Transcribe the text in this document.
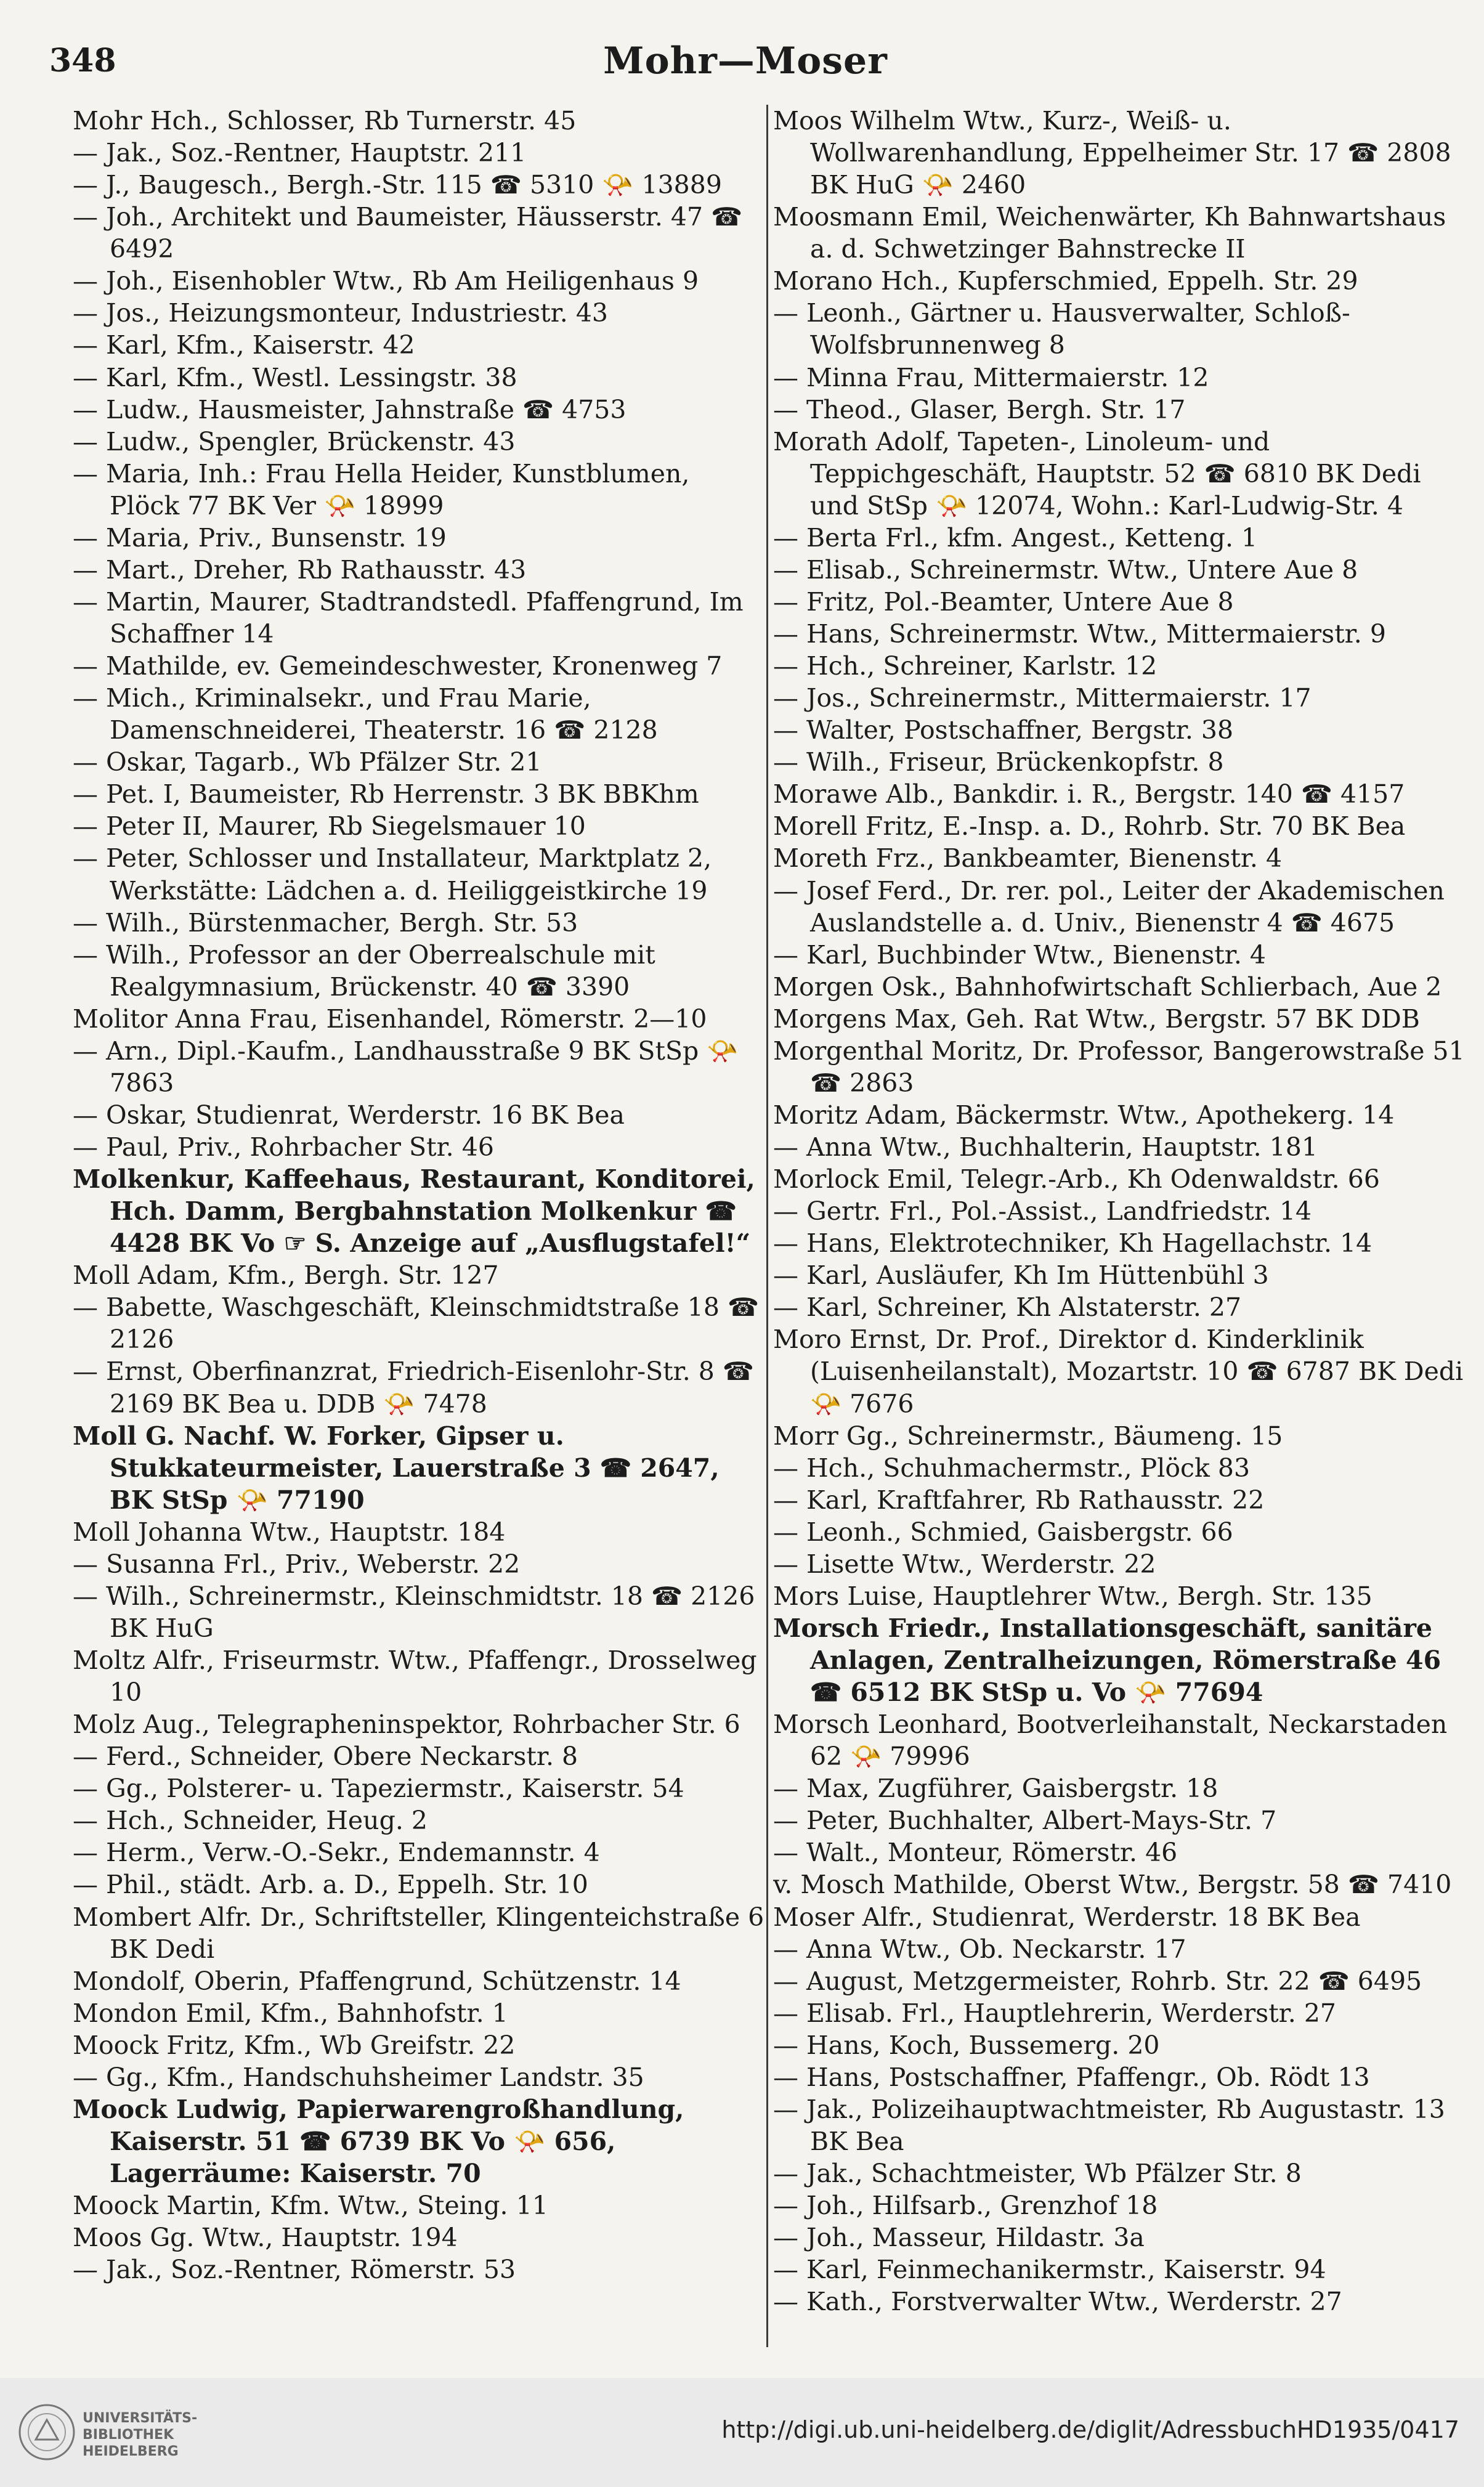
348	Mohr—Moser
Mohr Hch., Schlosser, Rb Turnerstr. 45
— Jak., Soz.-Rentner, Hauptstr. 211
— J., Baugesch., Bergh.-Str. 115 ☎ 5310 📯 13889
— Joh., Architekt und Baumeister, Häusserstr. 47 ☎ 6492
— Joh., Eisenhobler Wtw., Rb Am Heiligenhaus 9
— Jos., Heizungsmonteur, Industriestr. 43
— Karl, Kfm., Kaiserstr. 42
— Karl, Kfm., Westl. Lessingstr. 38
— Ludw., Hausmeister, Jahnstraße ☎ 4753
— Ludw., Spengler, Brückenstr. 43
— Maria, Inh.: Frau Hella Heider, Kunstblumen, Plöck 77 BK Ver 📯 18999
— Maria, Priv., Bunsenstr. 19
— Mart., Dreher, Rb Rathausstr. 43
— Martin, Maurer, Stadtrandstedl. Pfaffengrund, Im Schaffner 14
— Mathilde, ev. Gemeindeschwester, Kronenweg 7
— Mich., Kriminalsekr., und Frau Marie, Damenschneiderei, Theaterstr. 16 ☎ 2128
— Oskar, Tagarb., Wb Pfälzer Str. 21
— Pet. I, Baumeister, Rb Herrenstr. 3 BK BBKhm
— Peter II, Maurer, Rb Siegelsmauer 10
— Peter, Schlosser und Installateur, Marktplatz 2, Werkstätte: Lädchen a. d. Heiliggeistkirche 19
— Wilh., Bürstenmacher, Bergh. Str. 53
— Wilh., Professor an der Oberrealschule mit Realgymnasium, Brückenstr. 40 ☎ 3390
Molitor Anna Frau, Eisenhandel, Römerstr. 2—10
— Arn., Dipl.-Kaufm., Landhausstraße 9 BK StSp 📯 7863
— Oskar, Studienrat, Werderstr. 16 BK Bea
— Paul, Priv., Rohrbacher Str. 46
Molkenkur, Kaffeehaus, Restaurant, Konditorei, Hch. Damm, Bergbahnstation Molkenkur ☎ 4428 BK Vo ☞ S. Anzeige auf „Ausflugstafel!“
Moll Adam, Kfm., Bergh. Str. 127
— Babette, Waschgeschäft, Kleinschmidtstraße 18 ☎ 2126
— Ernst, Oberfinanzrat, Friedrich-Eisenlohr-Str. 8 ☎ 2169 BK Bea u. DDB 📯 7478
Moll G. Nachf. W. Forker, Gipser u. Stukkateurmeister, Lauerstraße 3 ☎ 2647, BK StSp 📯 77190
Moll Johanna Wtw., Hauptstr. 184
— Susanna Frl., Priv., Weberstr. 22
— Wilh., Schreinermstr., Kleinschmidtstr. 18 ☎ 2126 BK HuG
Moltz Alfr., Friseurmstr. Wtw., Pfaffengr., Drosselweg 10
Molz Aug., Telegrapheninspektor, Rohrbacher Str. 6
— Ferd., Schneider, Obere Neckarstr. 8
— Gg., Polsterer- u. Tapeziermstr., Kaiserstr. 54
— Hch., Schneider, Heug. 2
— Herm., Verw.-O.-Sekr., Endemannstr. 4
— Phil., städt. Arb. a. D., Eppelh. Str. 10
Mombert Alfr. Dr., Schriftsteller, Klingenteichstraße 6 BK Dedi
Mondolf, Oberin, Pfaffengrund, Schützenstr. 14
Mondon Emil, Kfm., Bahnhofstr. 1
Moock Fritz, Kfm., Wb Greifstr. 22
— Gg., Kfm., Handschuhsheimer Landstr. 35
Moock Ludwig, Papierwarengroßhandlung, Kaiserstr. 51 ☎ 6739 BK Vo 📯 656, Lagerräume: Kaiserstr. 70
Moock Martin, Kfm. Wtw., Steing. 11
Moos Gg. Wtw., Hauptstr. 194
— Jak., Soz.-Rentner, Römerstr. 53
Moos Wilhelm Wtw., Kurz-, Weiß- u. Wollwarenhandlung, Eppelheimer Str. 17 ☎ 2808 BK HuG 📯 2460
Moosmann Emil, Weichenwärter, Kh Bahnwartshaus a. d. Schwetzinger Bahnstrecke II
Morano Hch., Kupferschmied, Eppelh. Str. 29
— Leonh., Gärtner u. Hausverwalter, Schloß-Wolfsbrunnenweg 8
— Minna Frau, Mittermaierstr. 12
— Theod., Glaser, Bergh. Str. 17
Morath Adolf, Tapeten-, Linoleum- und Teppichgeschäft, Hauptstr. 52 ☎ 6810 BK Dedi und StSp 📯 12074, Wohn.: Karl-Ludwig-Str. 4
— Berta Frl., kfm. Angest., Ketteng. 1
— Elisab., Schreinermstr. Wtw., Untere Aue 8
— Fritz, Pol.-Beamter, Untere Aue 8
— Hans, Schreinermstr. Wtw., Mittermaierstr. 9
— Hch., Schreiner, Karlstr. 12
— Jos., Schreinermstr., Mittermaierstr. 17
— Walter, Postschaffner, Bergstr. 38
— Wilh., Friseur, Brückenkopfstr. 8
Morawe Alb., Bankdir. i. R., Bergstr. 140 ☎ 4157
Morell Fritz, E.-Insp. a. D., Rohrb. Str. 70 BK Bea
Moreth Frz., Bankbeamter, Bienenstr. 4
— Josef Ferd., Dr. rer. pol., Leiter der Akademischen Auslandstelle a. d. Univ., Bienenstr 4 ☎ 4675
— Karl, Buchbinder Wtw., Bienenstr. 4
Morgen Osk., Bahnhofwirtschaft Schlierbach, Aue 2
Morgens Max, Geh. Rat Wtw., Bergstr. 57 BK DDB
Morgenthal Moritz, Dr. Professor, Bangerowstraße 51 ☎ 2863
Moritz Adam, Bäckermstr. Wtw., Apothekerg. 14
— Anna Wtw., Buchhalterin, Hauptstr. 181
Morlock Emil, Telegr.-Arb., Kh Odenwaldstr. 66
— Gertr. Frl., Pol.-Assist., Landfriedstr. 14
— Hans, Elektrotechniker, Kh Hagellachstr. 14
— Karl, Ausläufer, Kh Im Hüttenbühl 3
— Karl, Schreiner, Kh Alstaterstr. 27
Moro Ernst, Dr. Prof., Direktor d. Kinderklinik (Luisenheilanstalt), Mozartstr. 10 ☎ 6787 BK Dedi 📯 7676
Morr Gg., Schreinermstr., Bäumeng. 15
— Hch., Schuhmachermstr., Plöck 83
— Karl, Kraftfahrer, Rb Rathausstr. 22
— Leonh., Schmied, Gaisbergstr. 66
— Lisette Wtw., Werderstr. 22
Mors Luise, Hauptlehrer Wtw., Bergh. Str. 135
Morsch Friedr., Installationsgeschäft, sanitäre Anlagen, Zentralheizungen, Römerstraße 46 ☎ 6512 BK StSp u. Vo 📯 77694
Morsch Leonhard, Bootverleihanstalt, Neckarstaden 62 📯 79996
— Max, Zugführer, Gaisbergstr. 18
— Peter, Buchhalter, Albert-Mays-Str. 7
— Walt., Monteur, Römerstr. 46
v. Mosch Mathilde, Oberst Wtw., Bergstr. 58 ☎ 7410
Moser Alfr., Studienrat, Werderstr. 18 BK Bea
— Anna Wtw., Ob. Neckarstr. 17
— August, Metzgermeister, Rohrb. Str. 22 ☎ 6495
— Elisab. Frl., Hauptlehrerin, Werderstr. 27
— Hans, Koch, Bussemerg. 20
— Hans, Postschaffner, Pfaffengr., Ob. Rödt 13
— Jak., Polizeihauptwachtmeister, Rb Augustastr. 13 BK Bea
— Jak., Schachtmeister, Wb Pfälzer Str. 8
— Joh., Hilfsarb., Grenzhof 18
— Joh., Masseur, Hildastr. 3a
— Karl, Feinmechanikermstr., Kaiserstr. 94
— Kath., Forstverwalter Wtw., Werderstr. 27
UNIVERSITÄTS-
BIBLIOTHEK
HEIDELBERG
http://digi.ub.uni-heidelberg.de/diglit/AdressbuchHD1935/0417
